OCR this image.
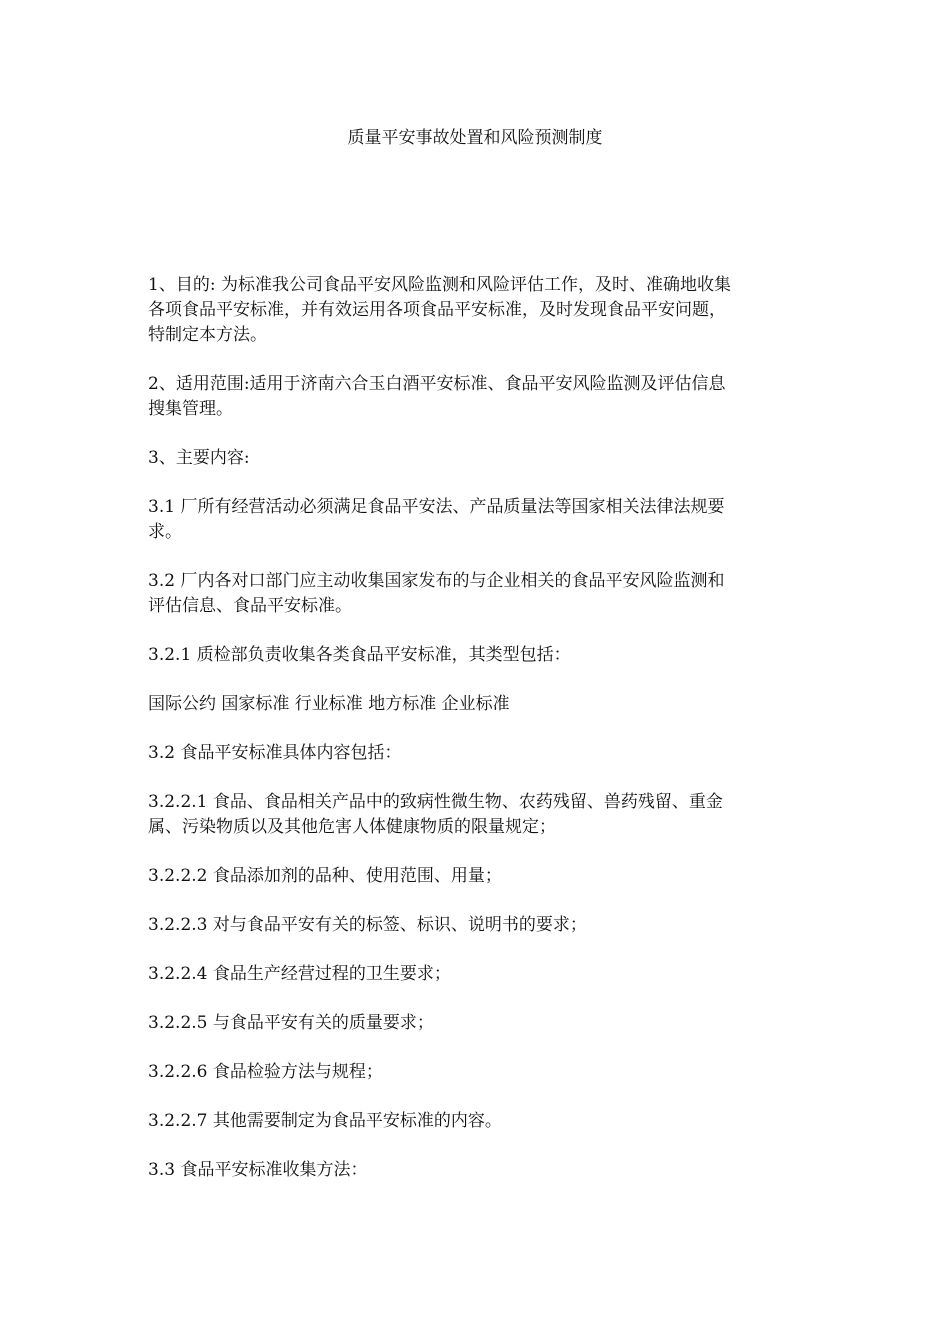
质量平安事故处置和风险预测制度

1、目的: 为标准我公司食品平安风险监测和风险评估工作，及时、准确地收集
各项食品平安标准，并有效运用各项食品平安标准，及时发现食品平安问题，
特制定本方法。

2、适用范围:适用于济南六合玉白酒平安标准、食品平安风险监测及评估信息
搜集管理。

3、主要内容:

3.1 厂所有经营活动必须满足食品平安法、产品质量法等国家相关法律法规要
求。

3.2 厂内各对口部门应主动收集国家发布的与企业相关的食品平安风险监测和
评估信息、食品平安标准。

3.2.1 质检部负责收集各类食品平安标准，其类型包括：

国际公约 国家标准 行业标准 地方标准 企业标准

3.2 食品平安标准具体内容包括：

3.2.2.1 食品、食品相关产品中的致病性微生物、农药残留、兽药残留、重金
属、污染物质以及其他危害人体健康物质的限量规定；

3.2.2.2 食品添加剂的品种、使用范围、用量；

3.2.2.3 对与食品平安有关的标签、标识、说明书的要求；

3.2.2.4 食品生产经营过程的卫生要求；

3.2.2.5 与食品平安有关的质量要求；

3.2.2.6 食品检验方法与规程；

3.2.2.7 其他需要制定为食品平安标准的内容。

3.3 食品平安标准收集方法：
